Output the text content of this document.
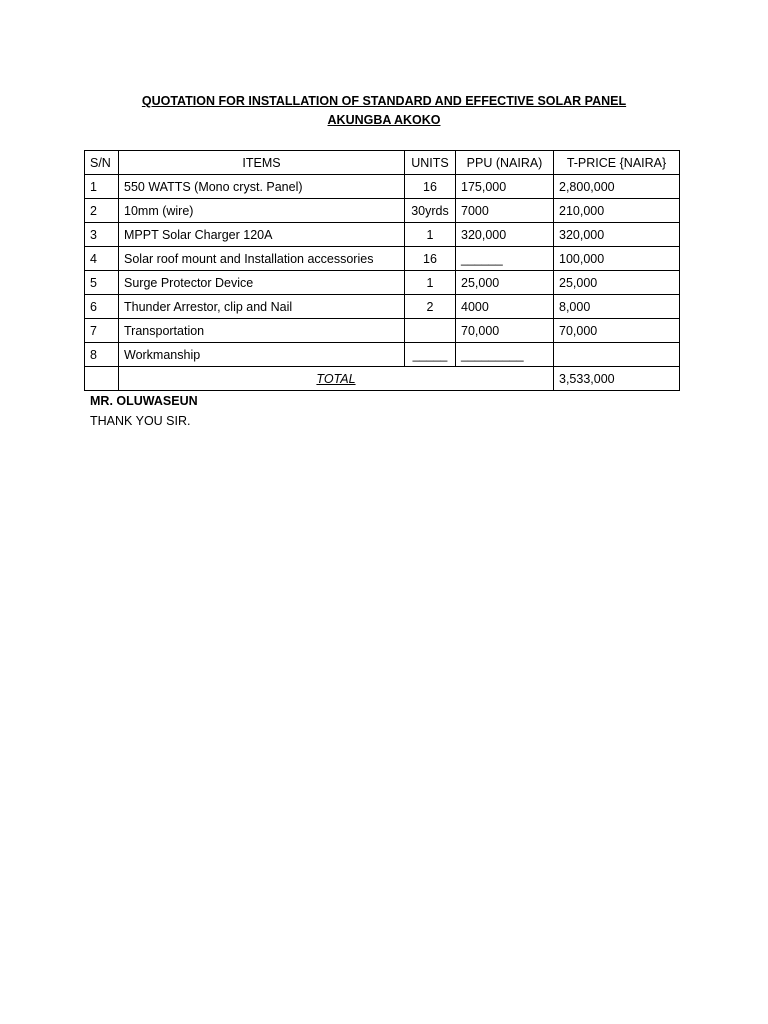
QUOTATION FOR INSTALLATION OF STANDARD AND EFFECTIVE SOLAR PANEL
AKUNGBA AKOKO
S/N	ITEMS	UNITS	PPU (NAIRA)	T-PRICE {NAIRA}
1	550 WATTS (Mono cryst. Panel)	16	175,000	2,800,000
2	10mm (wire)	30yrds	7000	210,000
3	MPPT Solar Charger 120A	1	320,000	320,000
4	Solar roof mount and Installation accessories	16	______	100,000
5	Surge Protector Device	1	25,000	25,000
6	Thunder Arrestor, clip and Nail	2	4000	8,000
7	Transportation		70,000	70,000
8	Workmanship	_____	_________	
	TOTAL			3,533,000
MR. OLUWASEUN
THANK YOU SIR.
